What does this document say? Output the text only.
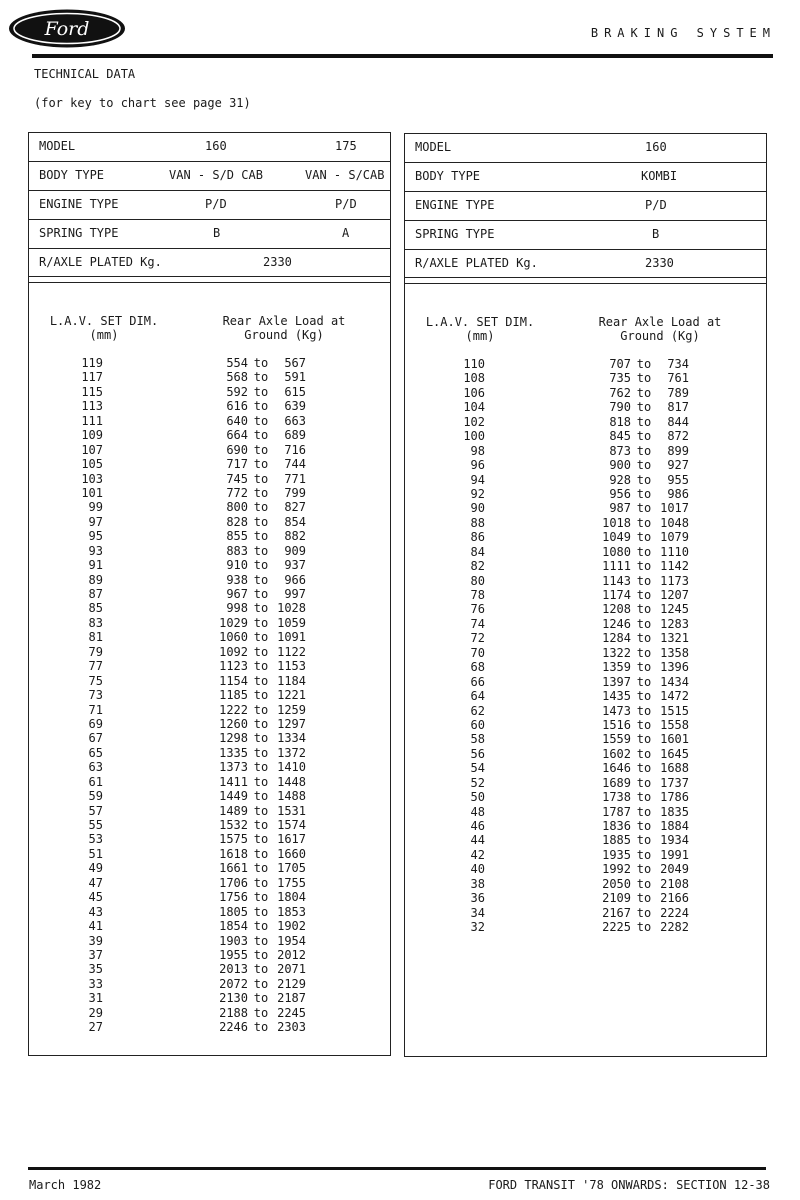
Ford	BRAKING SYSTEM
TECHNICAL DATA
(for key to chart see page 31)
MODEL	160	175
BODY TYPE	VAN - S/D CAB	VAN - S/CAB
ENGINE TYPE	P/D	P/D
SPRING TYPE	B	A
R/AXLE PLATED Kg.	2330
L.A.V. SET DIM.
(mm)
Rear Axle Load at
Ground (Kg)
119	554 to	567
117	568 to	591
115	592 to	615
113	616 to	639
111	640 to	663
109	664 to	689
107	690 to	716
105	717 to	744
103	745 to	771
101	772 to	799
99	800 to	827
97	828 to	854
95	855 to	882
93	883 to	909
91	910 to	937
89	938 to	966
87	967 to	997
85	998 to 1028
83	1029 to 1059
81	1060 to 1091
79	1092 to 1122
77	1123 to 1153
75	1154 to 1184
73	1185 to 1221
71	1222 to 1259
69	1260 to 1297
67	1298 to 1334
65	1335 to 1372
63	1373 to 1410
61	1411 to 1448
59	1449 to 1488
57	1489 to 1531
55	1532 to 1574
53	1575 to 1617
51	1618 to 1660
49	1661 to 1705
47	1706 to 1755
45	1756 to 1804
43	1805 to 1853
41	1854 to 1902
39	1903 to 1954
37	1955 to 2012
35	2013 to 2071
33	2072 to 2129
31	2130 to 2187
29	2188 to 2245
27	2246 to 2303
MODEL	160
BODY TYPE	KOMBI
ENGINE TYPE	P/D
SPRING TYPE	B
R/AXLE PLATED Kg.	2330
L.A.V. SET DIM.
(mm)
Rear Axle Load at
Ground (Kg)
110	707 to	734
108	735 to	761
106	762 to	789
104	790 to	817
102	818 to	844
100	845 to	872
98	873 to	899
96	900 to	927
94	928 to	955
92	956 to	986
90	987 to 1017
88	1018 to 1048
86	1049 to 1079
84	1080 to 1110
82	1111 to 1142
80	1143 to 1173
78	1174 to 1207
76	1208 to 1245
74	1246 to 1283
72	1284 to 1321
70	1322 to 1358
68	1359 to 1396
66	1397 to 1434
64	1435 to 1472
62	1473 to 1515
60	1516 to 1558
58	1559 to 1601
56	1602 to 1645
54	1646 to 1688
52	1689 to 1737
50	1738 to 1786
48	1787 to 1835
46	1836 to 1884
44	1885 to 1934
42	1935 to 1991
40	1992 to 2049
38	2050 to 2108
36	2109 to 2166
34	2167 to 2224
32	2225 to 2282
March 1982	FORD TRANSIT '78 ONWARDS: SECTION 12-38
